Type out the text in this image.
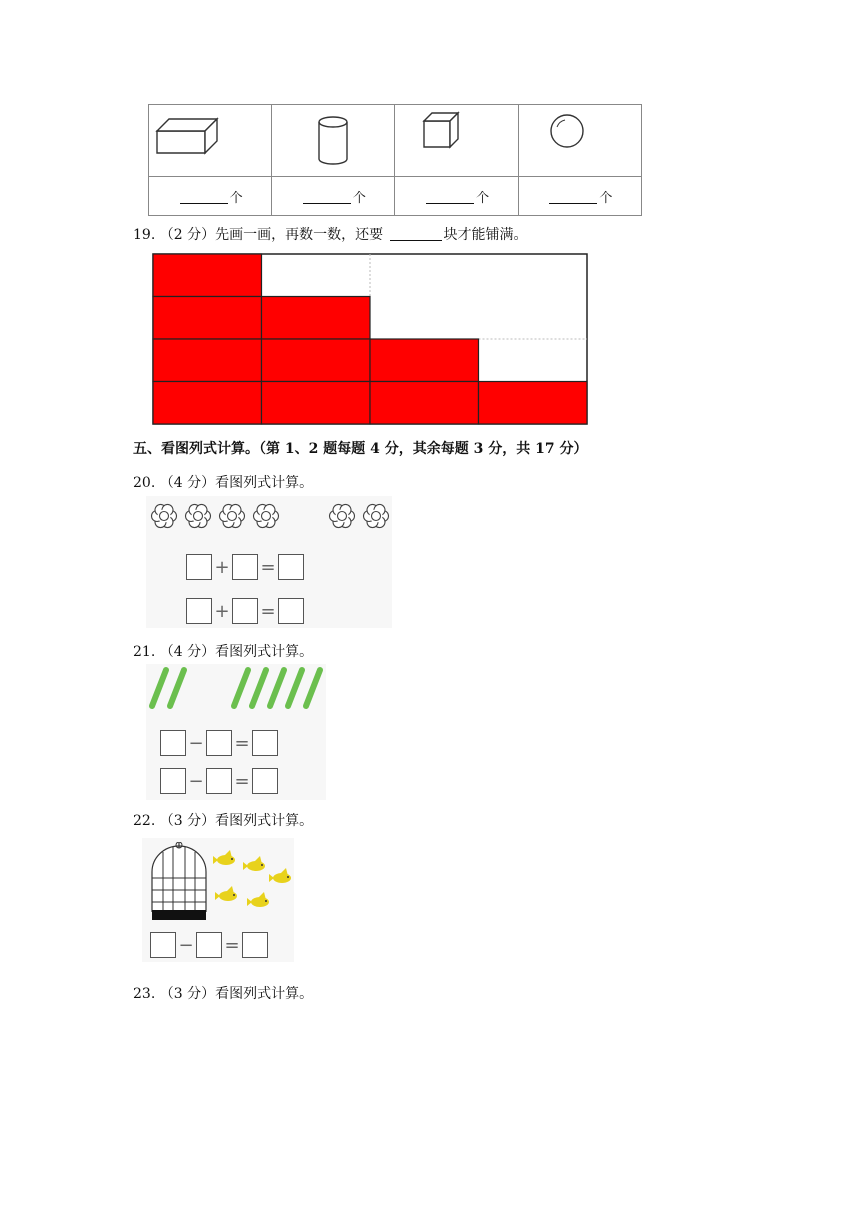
个	个	个	个
19. （2 分）先画一画，再数一数，还要	块才能铺满。
五、看图列式计算。（第 1、2 题每题 4 分，其余每题 3 分，共 17 分）
20. （4 分）看图列式计算。
+ =
+ =
21. （4 分）看图列式计算。
− =
− =
22. （3 分）看图列式计算。
− =
23. （3 分）看图列式计算。
